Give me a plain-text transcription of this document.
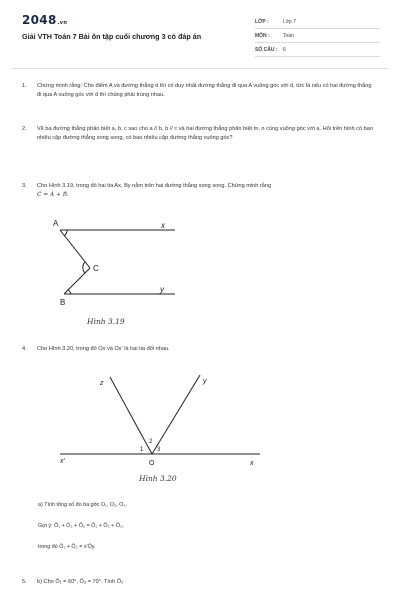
2048.vn
Giải VTH Toán 7 Bài ôn tập cuối chương 3 có đáp án
LỚP :	Lớp 7
MÔN :	Toán
SỐ CÂU :	6
1. Chứng minh rằng: Cho điểm A và đường thẳng d thì có duy nhất đường thẳng đi qua A vuông góc với d, tức là nếu có hai đường thẳng đi qua A vuông góc với d thì chúng phải trùng nhau.
2. Vẽ ba đường thẳng phân biệt a, b, c sao cho a // b, b // c và hai đường thẳng phân biệt m, n cùng vuông góc với a. Hỏi trên hình có bao nhiêu cặp đường thẳng song song, có bao nhiêu cặp đường thẳng vuông góc?
3. Cho Hình 3.19, trong đó hai tia Ax, By nằm trên hai đường thẳng song song. Chứng minh rằng
Ĉ = Â + B̂.
A	x
C
B
y
Hình 3.19
4. Cho Hình 3.20, trong đó Ox và Ox' là hai tia đối nhau.
z	y
1
2
3
O
x'	x
Hình 3.20
a) Tính tổng số đo ba góc O₁, O₂, O₃.
Gợi ý: Ô₁ + Ô₂ + Ô₃ = Ô₁ + Ô₂ + Ô₃,
trong đó Ô₁ + Ô₂ = x'Ôy.
5. b) Cho Ô₁ = 60°, Ô₃ = 70°. Tính Ô₂
